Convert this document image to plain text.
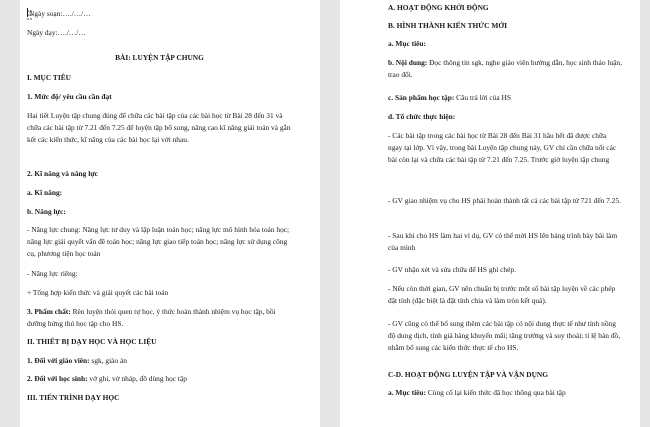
Ngày soạn:…./…/…
Ngày dạy:…./…/…
BÀI: LUYỆN TẬP CHUNG
I. MỤC TIÊU
1. Mức độ/ yêu cầu cần đạt
Hai tiết Luyện tập chung đúng để chữa các bài tập của các bài học từ Bài 28 đến 31 và chữa các bài tập từ 7.21 đến 7.25 để luyện tập bổ sung, nâng cao kĩ năng giải toán và gắn kết các kiến thức, kĩ năng của các bài học lại với nhau.
2. Kĩ năng và năng lực
a. Kĩ năng:
b. Năng lực:
- Năng lực chung: Năng lực tư duy và lập luận toán học; năng lực mô hình hóa toán học; năng lực giải quyết vấn đề toán học; năng lực giao tiếp toán học; năng lực sử dụng công cụ, phương tiện học toán
- Năng lực riêng:
+ Tổng hợp kiến thức và giải quyết các bài toán
3. Phẩm chất: Rèn luyện thói quen tự học, ý thức hoàn thành nhiệm vụ học tập, bồi dưỡng hứng thú học tập cho HS.
II. THIẾT BỊ DẠY HỌC VÀ HỌC LIỆU
1. Đối với giáo viên: sgk, giáo án
2. Đối với học sinh: vở ghi, vở nháp, đồ dùng học tập
III. TIẾN TRÌNH DẠY HỌC
A. HOẠT ĐỘNG KHỞI ĐỘNG
B. HÌNH THÀNH KIẾN THỨC MỚI
a. Mục tiêu:
b. Nội dung: Đọc thông tin sgk, nghe giáo viên hướng dẫn, học sinh thảo luận, trao đổi.
c. Sản phẩm học tập: Câu trả lời của HS
d. Tổ chức thực hiện:
- Các bài tập trong các bài học từ Bài 28 đến Bài 31 hầu hết đã được chữa ngay tại lớp. Vì vậy, trong bài Luyện tập chung này, GV chỉ cần chữa nốt các bài còn lại và chữa các bài tập từ 7.21 đến 7.25. Trước giờ luyện tập chung
- GV giao nhiệm vụ cho HS phải hoàn thành tất cả các bài tập từ 721 đến 7.25.
- Sau khi cho HS làm hai ví dụ, GV có thể mời HS lên bảng trình bày bài làm của mình
- GV nhận xét và sửa chữa để HS ghi chép.
- Nếu còn thời gian, GV nên chuẩn bị trước một số bài tập luyện về các phép đặt tính (đặc biệt là đặt tính chia và làm tròn kết quả).
- GV cũng có thể bổ sung thêm các bài tập có nội dung thực tế như tính nồng độ dung dịch, tính giá hàng khuyến mãi; tăng trưởng và suy thoái; tỉ lệ bản đồ, nhằm bổ sung các kiến thức thực tế cho HS.
C-D. HOẠT ĐỘNG LUYỆN TẬP VÀ VẬN DỤNG
a. Mục tiêu: Củng cố lại kiến thức đã học thông qua bài tập
